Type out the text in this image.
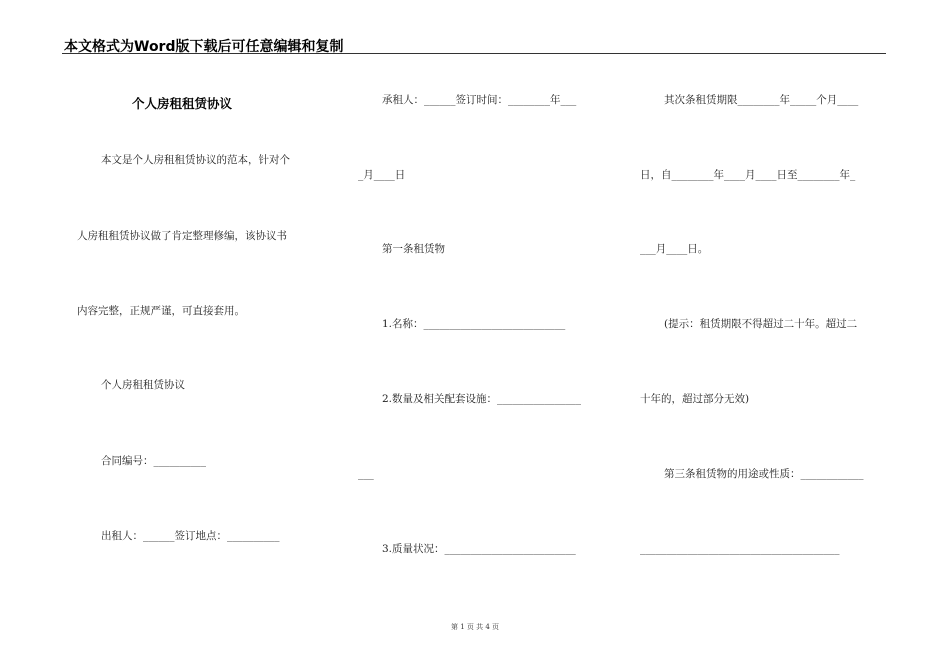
本文格式为Word版下载后可任意编辑和复制
个人房租租赁协议
本文是个人房租租赁协议的范本，针对个
人房租租赁协议做了肯定整理修编，该协议书
内容完整，正规严谨，可直接套用。
个人房租租赁协议
合同编号：__________
出租人：______签订地点：__________
承租人：______签订时间：________年___
_月____日
第一条租赁物
1.名称：___________________________
2.数量及相关配套设施：________________
___
3.质量状况：_________________________
其次条租赁期限________年_____个月____
日，自________年____月____日至________年_
___月____日。
(提示：租赁期限不得超过二十年。超过二
十年的，超过部分无效)
第三条租赁物的用途或性质：____________
______________________________________
第 1 页 共 4 页
